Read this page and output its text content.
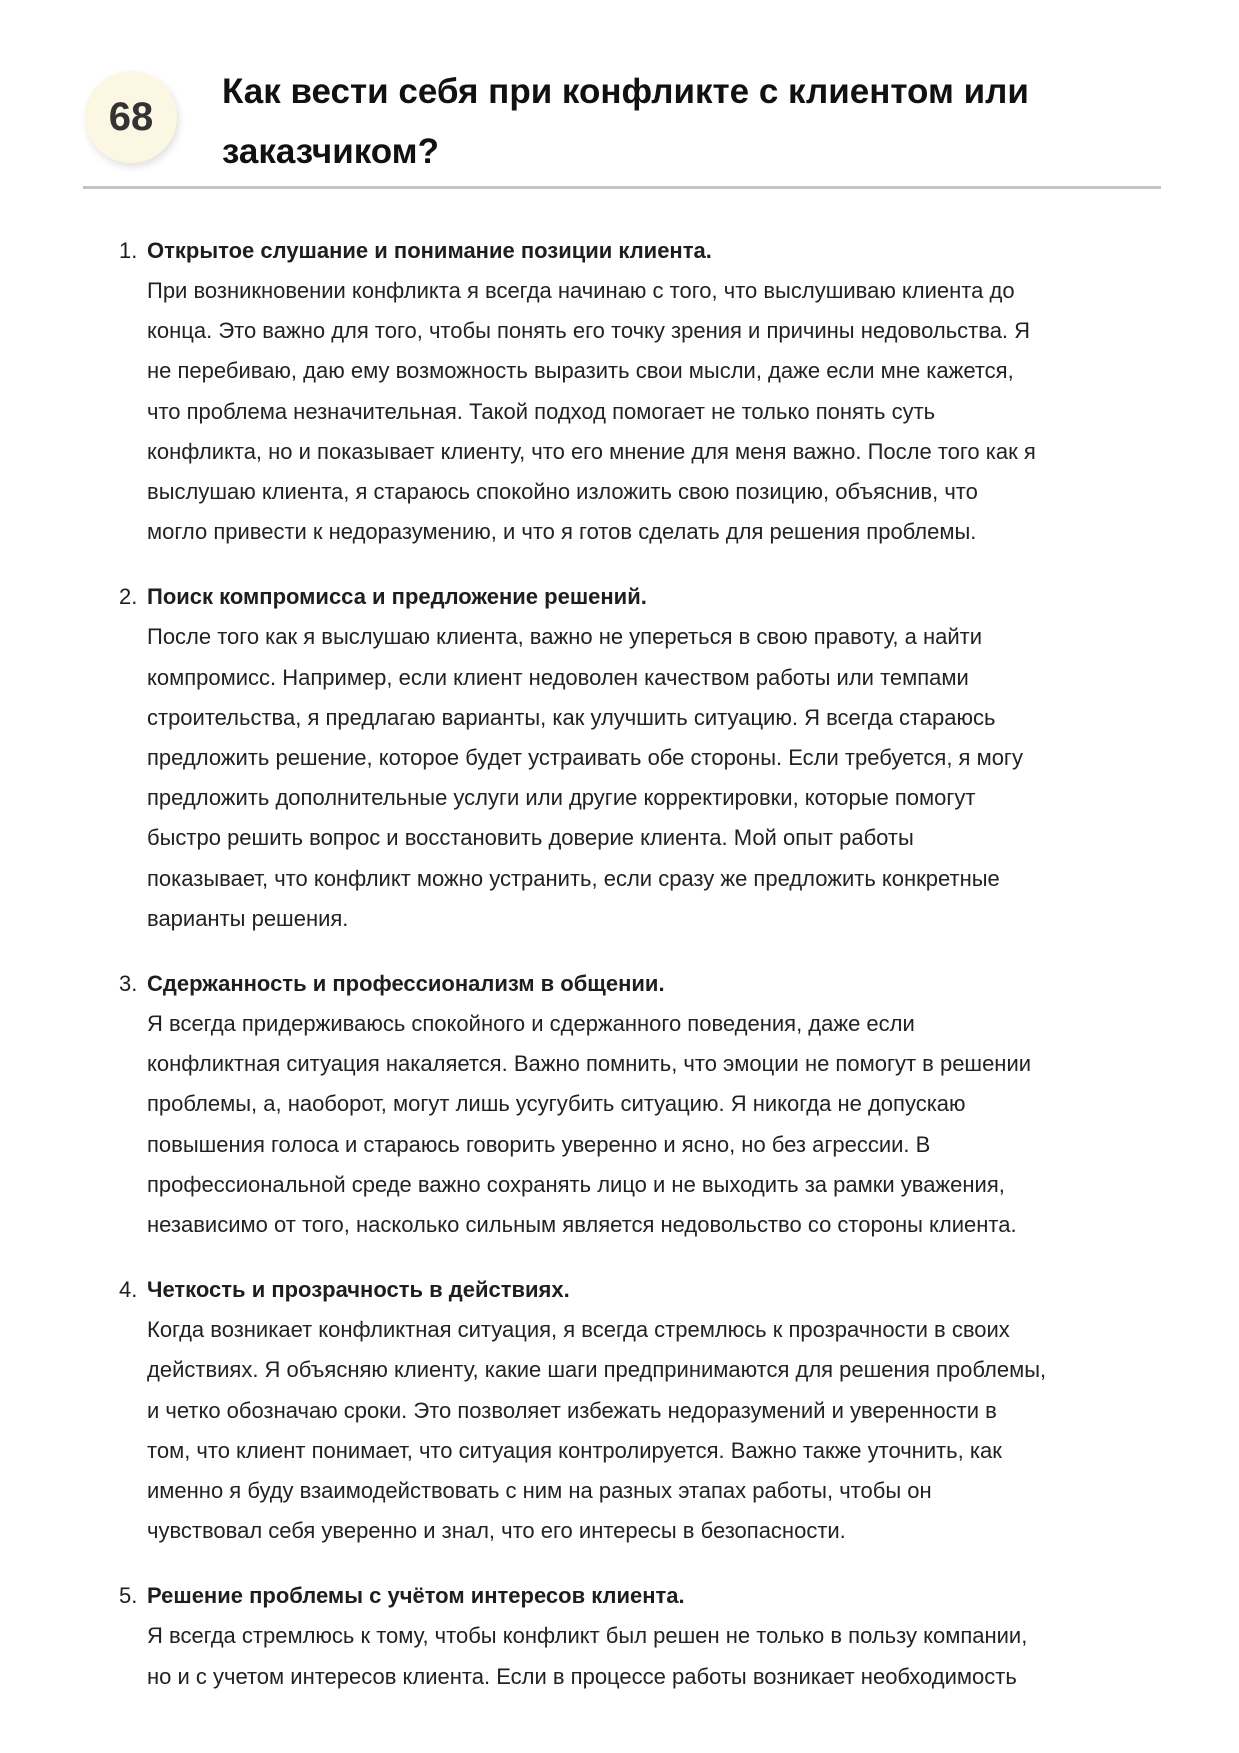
68
Как вести себя при конфликте с клиентом или заказчиком?
1. Открытое слушание и понимание позиции клиента.
При возникновении конфликта я всегда начинаю с того, что выслушиваю клиента до
конца. Это важно для того, чтобы понять его точку зрения и причины недовольства. Я
не перебиваю, даю ему возможность выразить свои мысли, даже если мне кажется,
что проблема незначительная. Такой подход помогает не только понять суть
конфликта, но и показывает клиенту, что его мнение для меня важно. После того как я
выслушаю клиента, я стараюсь спокойно изложить свою позицию, объяснив, что
могло привести к недоразумению, и что я готов сделать для решения проблемы.
2. Поиск компромисса и предложение решений.
После того как я выслушаю клиента, важно не упереться в свою правоту, а найти
компромисс. Например, если клиент недоволен качеством работы или темпами
строительства, я предлагаю варианты, как улучшить ситуацию. Я всегда стараюсь
предложить решение, которое будет устраивать обе стороны. Если требуется, я могу
предложить дополнительные услуги или другие корректировки, которые помогут
быстро решить вопрос и восстановить доверие клиента. Мой опыт работы
показывает, что конфликт можно устранить, если сразу же предложить конкретные
варианты решения.
3. Сдержанность и профессионализм в общении.
Я всегда придерживаюсь спокойного и сдержанного поведения, даже если
конфликтная ситуация накаляется. Важно помнить, что эмоции не помогут в решении
проблемы, а, наоборот, могут лишь усугубить ситуацию. Я никогда не допускаю
повышения голоса и стараюсь говорить уверенно и ясно, но без агрессии. В
профессиональной среде важно сохранять лицо и не выходить за рамки уважения,
независимо от того, насколько сильным является недовольство со стороны клиента.
4. Четкость и прозрачность в действиях.
Когда возникает конфликтная ситуация, я всегда стремлюсь к прозрачности в своих
действиях. Я объясняю клиенту, какие шаги предпринимаются для решения проблемы,
и четко обозначаю сроки. Это позволяет избежать недоразумений и уверенности в
том, что клиент понимает, что ситуация контролируется. Важно также уточнить, как
именно я буду взаимодействовать с ним на разных этапах работы, чтобы он
чувствовал себя уверенно и знал, что его интересы в безопасности.
5. Решение проблемы с учётом интересов клиента.
Я всегда стремлюсь к тому, чтобы конфликт был решен не только в пользу компании,
но и с учетом интересов клиента. Если в процессе работы возникает необходимость
